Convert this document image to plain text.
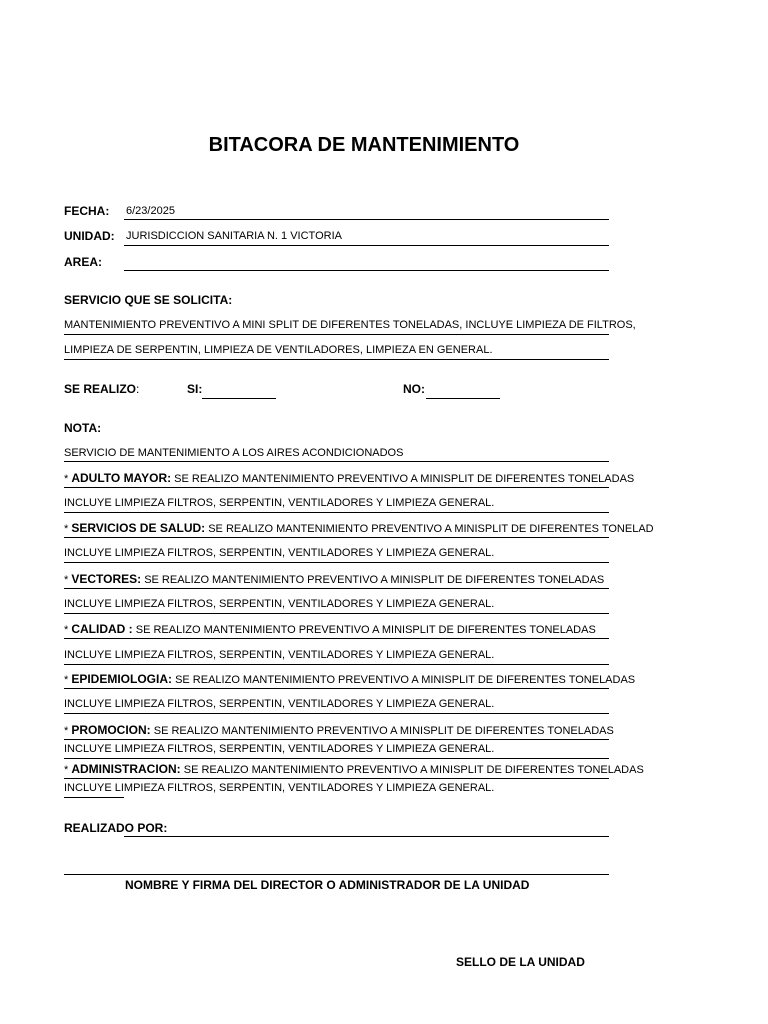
BITACORA DE MANTENIMIENTO
FECHA: 6/23/2025
UNIDAD: JURISDICCION SANITARIA N. 1 VICTORIA
AREA:
SERVICIO QUE SE SOLICITA:
MANTENIMIENTO PREVENTIVO A MINI SPLIT DE DIFERENTES TONELADAS, INCLUYE LIMPIEZA DE FILTROS,
LIMPIEZA DE SERPENTIN, LIMPIEZA DE VENTILADORES, LIMPIEZA EN GENERAL.
SE REALIZO:	SI:	NO:
NOTA:
SERVICIO DE MANTENIMIENTO A LOS AIRES ACONDICIONADOS
* ADULTO MAYOR: SE REALIZO MANTENIMIENTO PREVENTIVO A MINISPLIT DE DIFERENTES TONELADAS
INCLUYE LIMPIEZA FILTROS, SERPENTIN, VENTILADORES Y LIMPIEZA GENERAL.
* SERVICIOS DE SALUD: SE REALIZO MANTENIMIENTO PREVENTIVO A MINISPLIT DE DIFERENTES TONELAD
INCLUYE LIMPIEZA FILTROS, SERPENTIN, VENTILADORES Y LIMPIEZA GENERAL.
* VECTORES: SE REALIZO MANTENIMIENTO PREVENTIVO A MINISPLIT DE DIFERENTES TONELADAS
INCLUYE LIMPIEZA FILTROS, SERPENTIN, VENTILADORES Y LIMPIEZA GENERAL.
* CALIDAD : SE REALIZO MANTENIMIENTO PREVENTIVO A MINISPLIT DE DIFERENTES TONELADAS
INCLUYE LIMPIEZA FILTROS, SERPENTIN, VENTILADORES Y LIMPIEZA GENERAL.
* EPIDEMIOLOGIA: SE REALIZO MANTENIMIENTO PREVENTIVO A MINISPLIT DE DIFERENTES TONELADAS
INCLUYE LIMPIEZA FILTROS, SERPENTIN, VENTILADORES Y LIMPIEZA GENERAL.
* PROMOCION: SE REALIZO MANTENIMIENTO PREVENTIVO A MINISPLIT DE DIFERENTES TONELADAS
INCLUYE LIMPIEZA FILTROS, SERPENTIN, VENTILADORES Y LIMPIEZA GENERAL.
* ADMINISTRACION: SE REALIZO MANTENIMIENTO PREVENTIVO A MINISPLIT DE DIFERENTES TONELADAS
INCLUYE LIMPIEZA FILTROS, SERPENTIN, VENTILADORES Y LIMPIEZA GENERAL.
REALIZADO POR:
NOMBRE Y FIRMA DEL DIRECTOR O ADMINISTRADOR DE LA UNIDAD
SELLO DE LA UNIDAD
